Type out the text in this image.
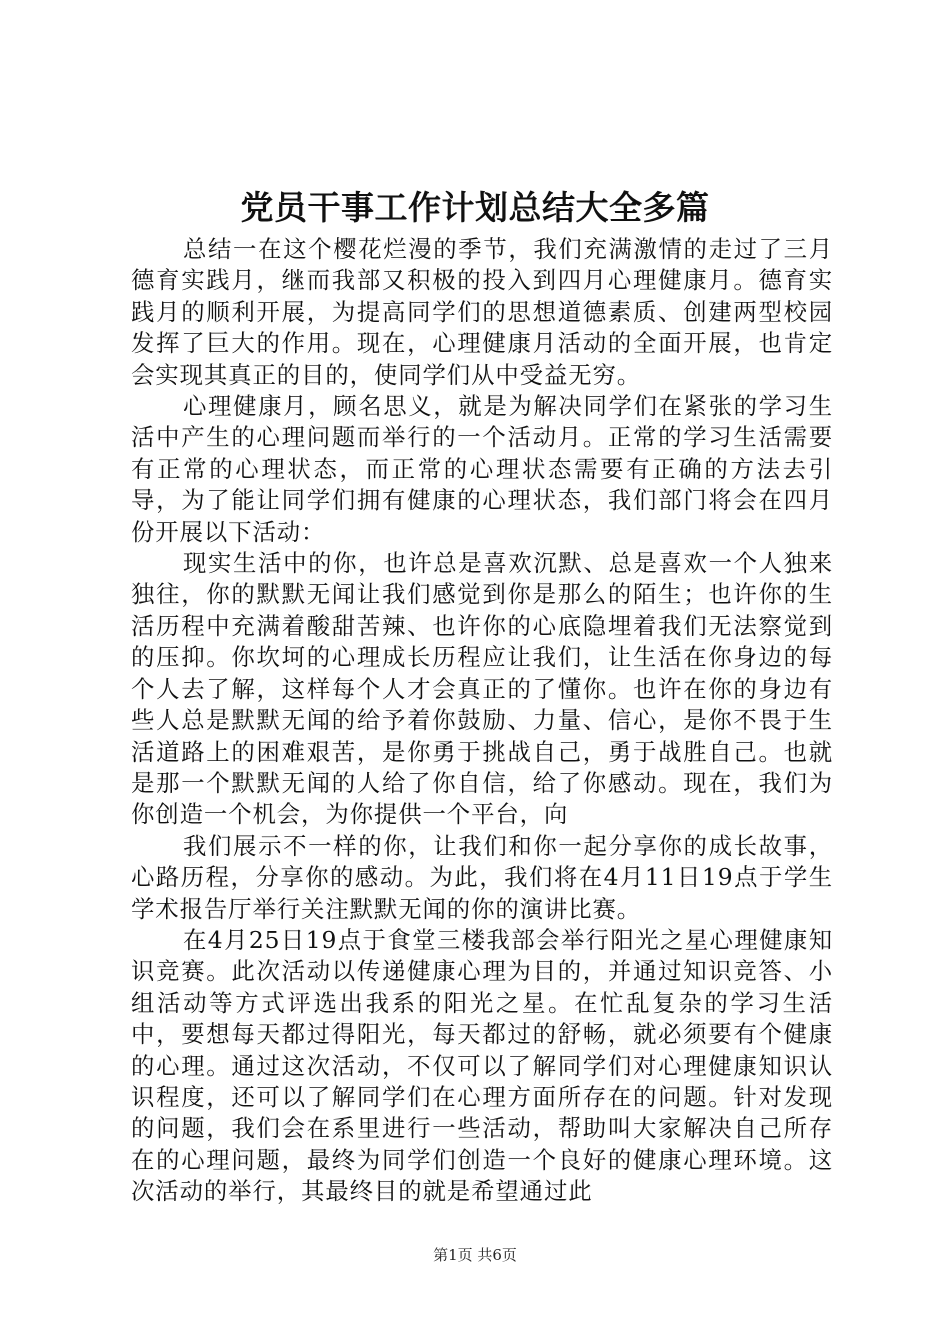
党员干事工作计划总结大全多篇

总结一在这个樱花烂漫的季节，我们充满激情的走过了三月德育实践月，继而我部又积极的投入到四月心理健康月。德育实践月的顺利开展，为提高同学们的思想道德素质、创建两型校园发挥了巨大的作用。现在，心理健康月活动的全面开展，也肯定会实现其真正的目的，使同学们从中受益无穷。

心理健康月，顾名思义，就是为解决同学们在紧张的学习生活中产生的心理问题而举行的一个活动月。正常的学习生活需要有正常的心理状态，而正常的心理状态需要有正确的方法去引导，为了能让同学们拥有健康的心理状态，我们部门将会在四月份开展以下活动：

现实生活中的你，也许总是喜欢沉默、总是喜欢一个人独来独往，你的默默无闻让我们感觉到你是那么的陌生；也许你的生活历程中充满着酸甜苦辣、也许你的心底隐埋着我们无法察觉到的压抑。你坎坷的心理成长历程应让我们，让生活在你身边的每个人去了解，这样每个人才会真正的了懂你。也许在你的身边有些人总是默默无闻的给予着你鼓励、力量、信心，是你不畏于生活道路上的困难艰苦，是你勇于挑战自己，勇于战胜自己。也就是那一个默默无闻的人给了你自信，给了你感动。现在，我们为你创造一个机会，为你提供一个平台，向

我们展示不一样的你，让我们和你一起分享你的成长故事，心路历程，分享你的感动。为此，我们将在4月11日19点于学生学术报告厅举行关注默默无闻的你的演讲比赛。

在4月25日19点于食堂三楼我部会举行阳光之星心理健康知识竞赛。此次活动以传递健康心理为目的，并通过知识竞答、小组活动等方式评选出我系的阳光之星。在忙乱复杂的学习生活中，要想每天都过得阳光，每天都过的舒畅，就必须要有个健康的心理。通过这次活动，不仅可以了解同学们对心理健康知识认识程度，还可以了解同学们在心理方面所存在的问题。针对发现的问题，我们会在系里进行一些活动，帮助叫大家解决自己所存在的心理问题，最终为同学们创造一个良好的健康心理环境。这次活动的举行，其最终目的就是希望通过此

第1页 共6页
